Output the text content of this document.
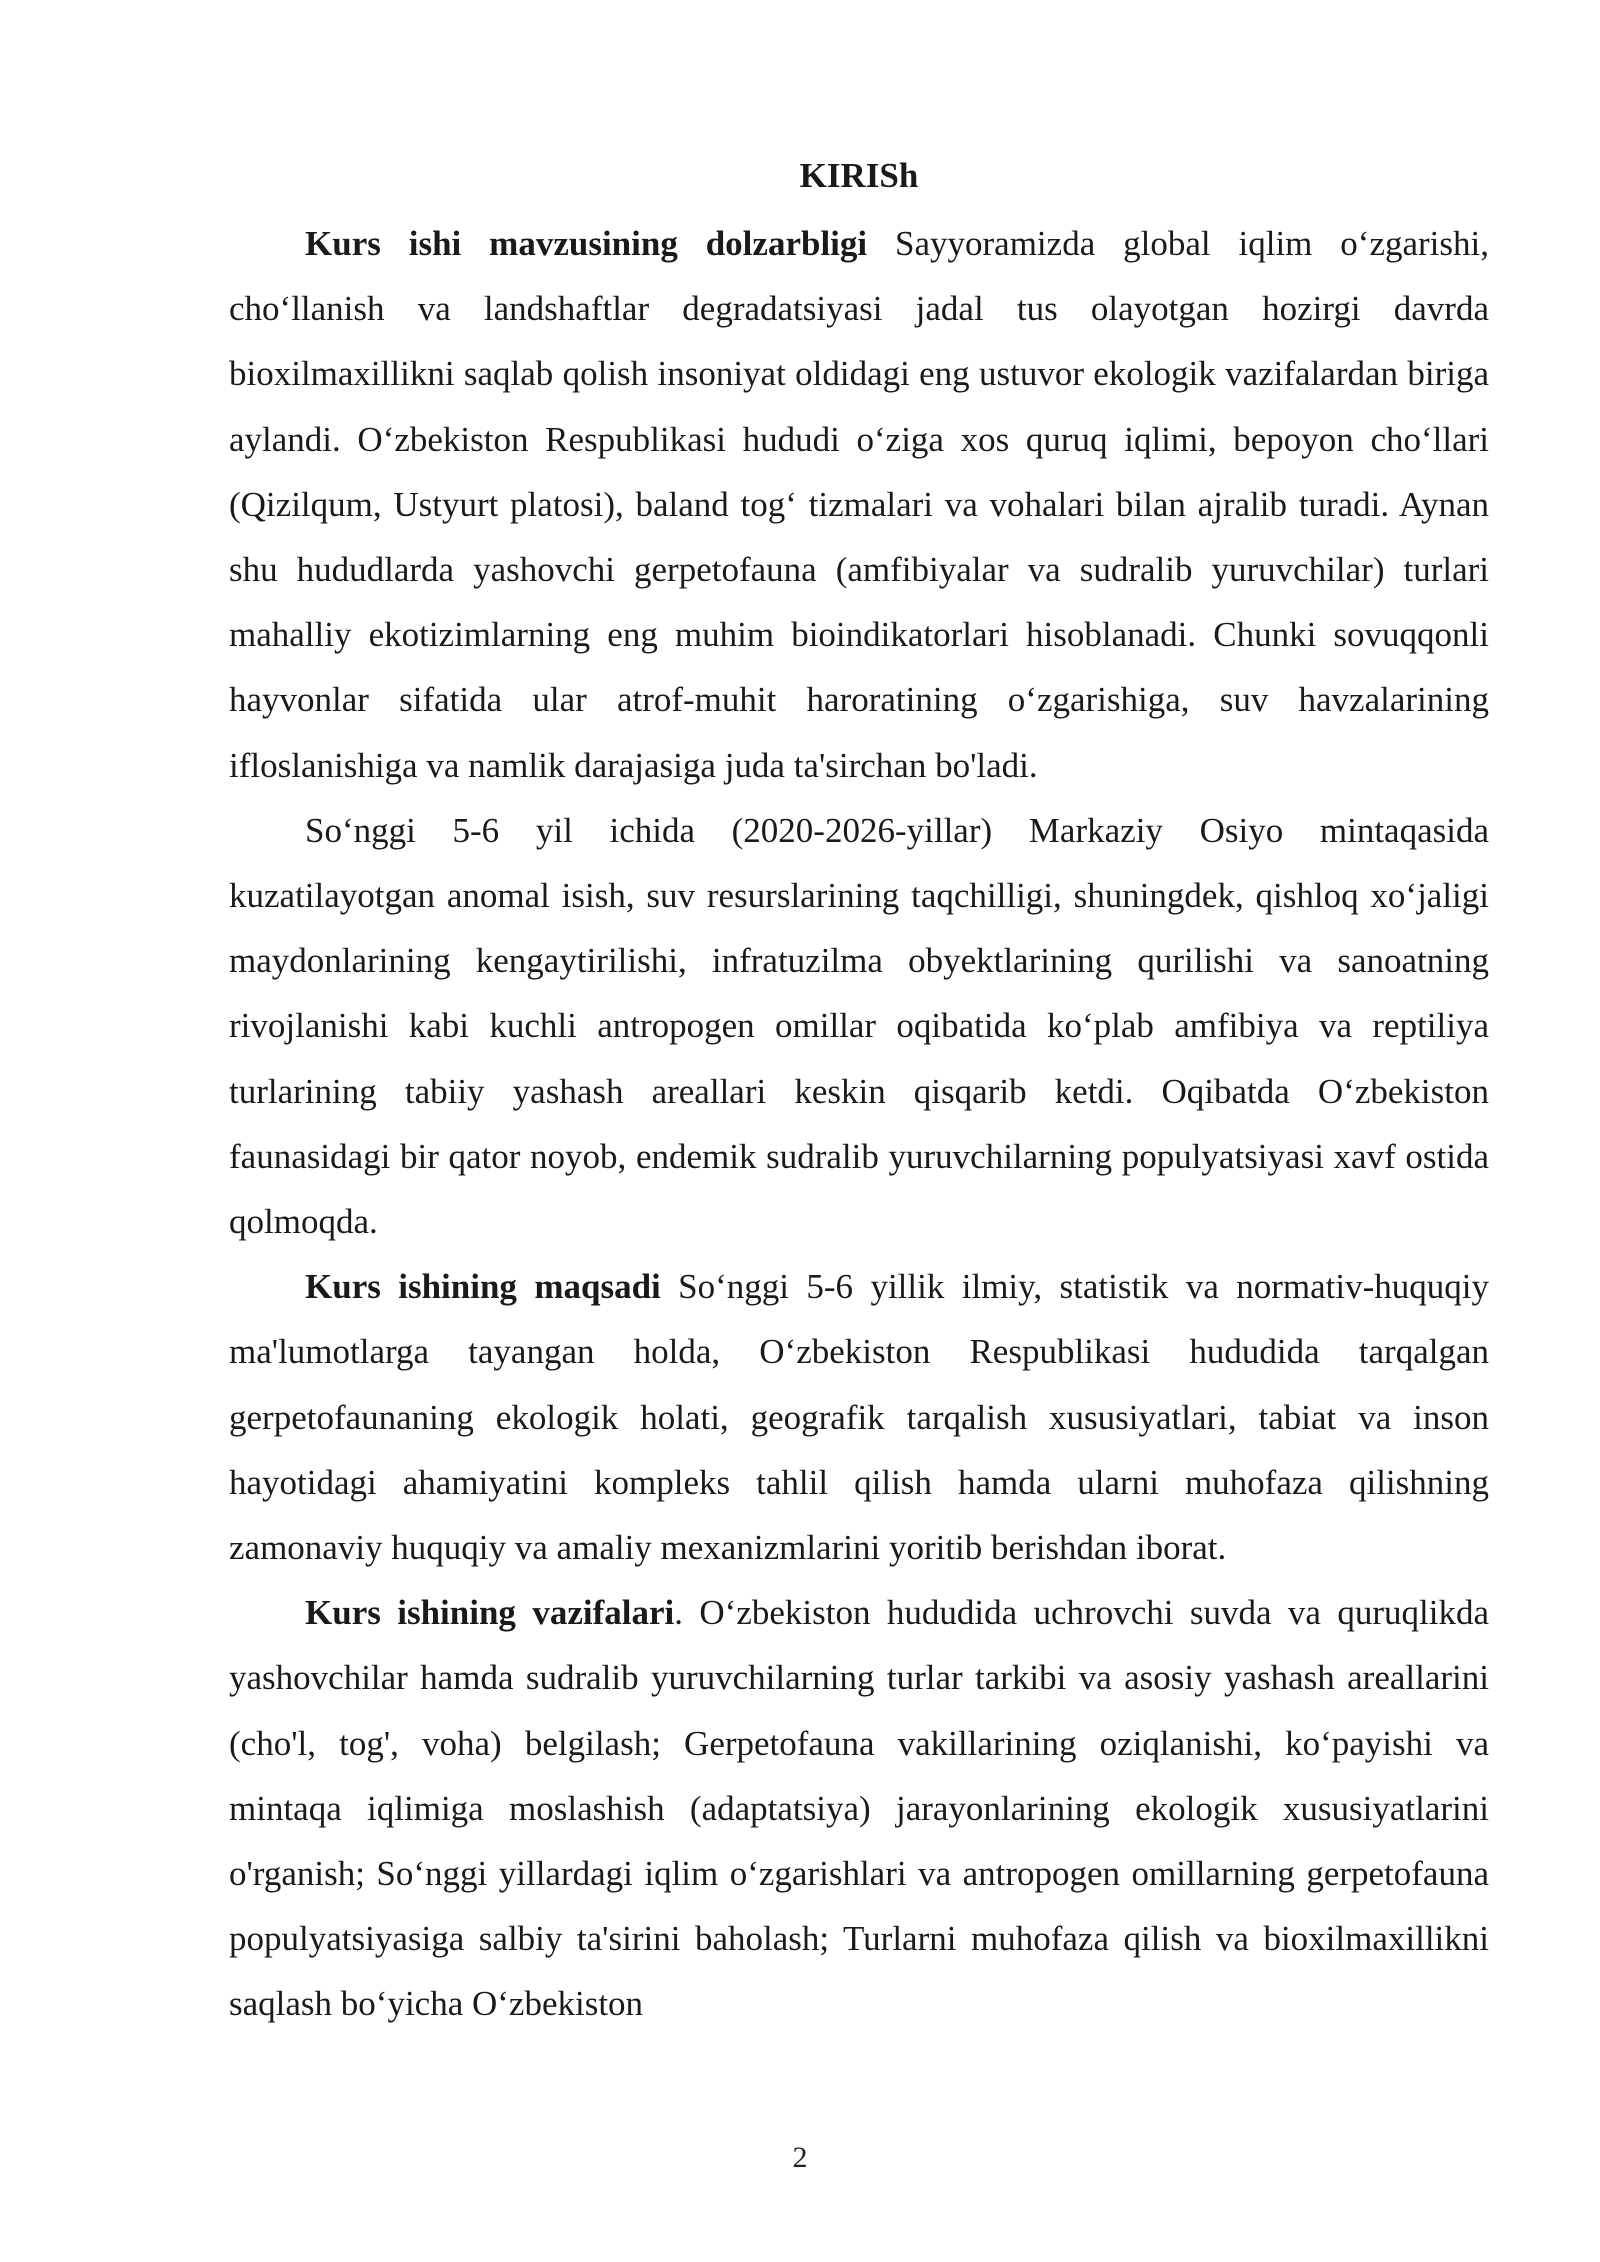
KIRISh

Kurs ishi mavzusining dolzarbligi Sayyoramizda global iqlim o‘zgarishi, cho‘llanish va landshaftlar degradatsiyasi jadal tus olayotgan hozirgi davrda bioxilmaxillikni saqlab qolish insoniyat oldidagi eng ustuvor ekologik vazifalardan biriga aylandi. O‘zbekiston Respublikasi hududi o‘ziga xos quruq iqlimi, bepoyon cho‘llari (Qizilqum, Ustyurt platosi), baland tog‘ tizmalari va vohalari bilan ajralib turadi. Aynan shu hududlarda yashovchi gerpetofauna (amfibiyalar va sudralib yuruvchilar) turlari mahalliy ekotizimlarning eng muhim bioindikatorlari hisoblanadi. Chunki sovuqqonli hayvonlar sifatida ular atrof-muhit haroratining o‘zgarishiga, suv havzalarining ifloslanishiga va namlik darajasiga juda ta'sirchan bo'ladi.

So‘nggi 5-6 yil ichida (2020-2026-yillar) Markaziy Osiyo mintaqasida kuzatilayotgan anomal isish, suv resurslarining taqchilligi, shuningdek, qishloq xo‘jaligi maydonlarining kengaytirilishi, infratuzilma obyektlarining qurilishi va sanoatning rivojlanishi kabi kuchli antropogen omillar oqibatida ko‘plab amfibiya va reptiliya turlarining tabiiy yashash areallari keskin qisqarib ketdi. Oqibatda O‘zbekiston faunasidagi bir qator noyob, endemik sudralib yuruvchilarning populyatsiyasi xavf ostida qolmoqda.

Kurs ishining maqsadi So‘nggi 5-6 yillik ilmiy, statistik va normativ-huquqiy ma'lumotlarga tayangan holda, O‘zbekiston Respublikasi hududida tarqalgan gerpetofaunaning ekologik holati, geografik tarqalish xususiyatlari, tabiat va inson hayotidagi ahamiyatini kompleks tahlil qilish hamda ularni muhofaza qilishning zamonaviy huquqiy va amaliy mexanizmlarini yoritib berishdan iborat.

Kurs ishining vazifalari. O‘zbekiston hududida uchrovchi suvda va quruqlikda yashovchilar hamda sudralib yuruvchilarning turlar tarkibi va asosiy yashash areallarini (cho'l, tog', voha) belgilash; Gerpetofauna vakillarining oziqlanishi, ko‘payishi va mintaqa iqlimiga moslashish (adaptatsiya) jarayonlarining ekologik xususiyatlarini o'rganish; So‘nggi yillardagi iqlim o‘zgarishlari va antropogen omillarning gerpetofauna populyatsiyasiga salbiy ta'sirini baholash; Turlarni muhofaza qilish va bioxilmaxillikni saqlash bo‘yicha O‘zbekiston

2
